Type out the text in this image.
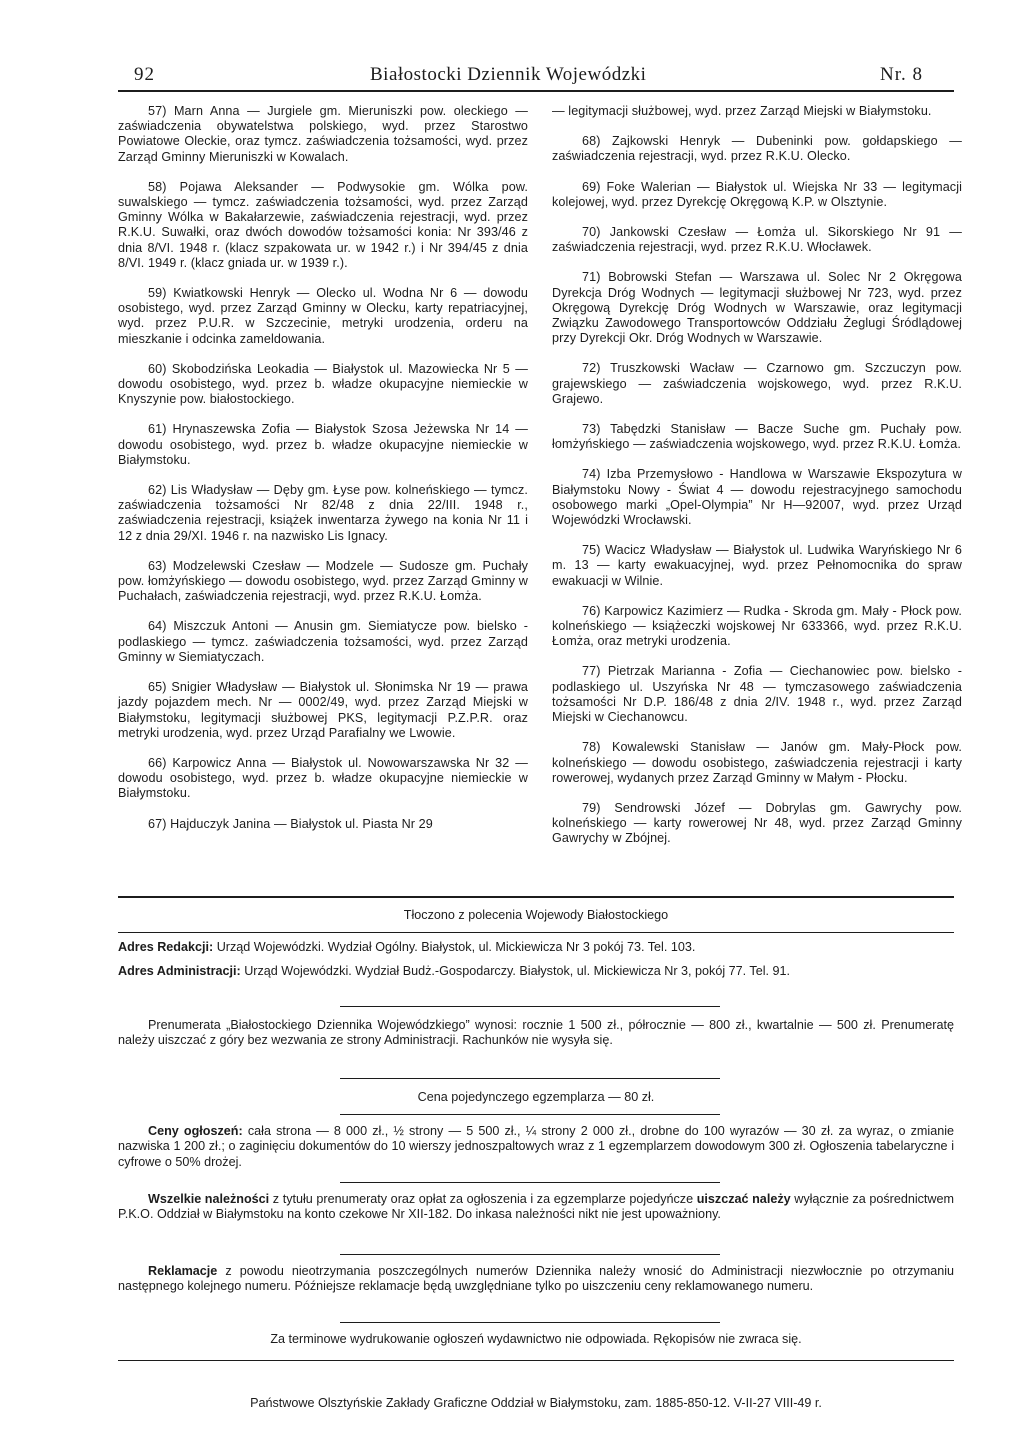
92	Białostocki Dziennik Wojewódzki	Nr. 8

57) Marn Anna — Jurgiele gm. Mieruniszki pow. oleckiego — zaświadczenia obywatelstwa polskiego, wyd. przez Starostwo Powiatowe Oleckie, oraz tymcz. zaświadczenia tożsamości, wyd. przez Zarząd Gminny Mieruniszki w Kowalach.

58) Pojawa Aleksander — Podwysokie gm. Wólka pow. suwalskiego — tymcz. zaświadczenia tożsamości, wyd. przez Zarząd Gminny Wólka w Bakałarzewie, zaświadczenia rejestracji, wyd. przez R.K.U. Suwałki, oraz dwóch dowodów tożsamości konia: Nr 393/46 z dnia 8/VI. 1948 r. (klacz szpakowata ur. w 1942 r.) i Nr 394/45 z dnia 8/VI. 1949 r. (klacz gniada ur. w 1939 r.).

59) Kwiatkowski Henryk — Olecko ul. Wodna Nr 6 — dowodu osobistego, wyd. przez Zarząd Gminny w Olecku, karty repatriacyjnej, wyd. przez P.U.R. w Szczecinie, metryki urodzenia, orderu na mieszkanie i odcinka zameldowania.

60) Skobodzińska Leokadia — Białystok ul. Mazowiecka Nr 5 — dowodu osobistego, wyd. przez b. władze okupacyjne niemieckie w Knyszynie pow. białostockiego.

61) Hrynaszewska Zofia — Białystok Szosa Jeżewska Nr 14 — dowodu osobistego, wyd. przez b. władze okupacyjne niemieckie w Białymstoku.

62) Lis Władysław — Dęby gm. Łyse pow. kolneńskiego — tymcz. zaświadczenia tożsamości Nr 82/48 z dnia 22/III. 1948 r., zaświadczenia rejestracji, książek inwentarza żywego na konia Nr 11 i 12 z dnia 29/XI. 1946 r. na nazwisko Lis Ignacy.

63) Modzelewski Czesław — Modzele — Sudosze gm. Puchały pow. łomżyńskiego — dowodu osobistego, wyd. przez Zarząd Gminny w Puchałach, zaświadczenia rejestracji, wyd. przez R.K.U. Łomża.

64) Miszczuk Antoni — Anusin gm. Siemiatycze pow. bielsko - podlaskiego — tymcz. zaświadczenia tożsamości, wyd. przez Zarząd Gminny w Siemiatyczach.

65) Snigier Władysław — Białystok ul. Słonimska Nr 19 — prawa jazdy pojazdem mech. Nr — 0002/49, wyd. przez Zarząd Miejski w Białymstoku, legitymacji służbowej PKS, legitymacji P.Z.P.R. oraz metryki urodzenia, wyd. przez Urząd Parafialny we Lwowie.

66) Karpowicz Anna — Białystok ul. Nowowarszawska Nr 32 — dowodu osobistego, wyd. przez b. władze okupacyjne niemieckie w Białymstoku.

67) Hajduczyk Janina — Białystok ul. Piasta Nr 29

— legitymacji służbowej, wyd. przez Zarząd Miejski w Białymstoku.

68) Zajkowski Henryk — Dubeninki pow. gołdapskiego — zaświadczenia rejestracji, wyd. przez R.K.U. Olecko.

69) Foke Walerian — Białystok ul. Wiejska Nr 33 — legitymacji kolejowej, wyd. przez Dyrekcję Okręgową K.P. w Olsztynie.

70) Jankowski Czesław — Łomża ul. Sikorskiego Nr 91 — zaświadczenia rejestracji, wyd. przez R.K.U. Włocławek.

71) Bobrowski Stefan — Warszawa ul. Solec Nr 2 Okręgowa Dyrekcja Dróg Wodnych — legitymacji służbowej Nr 723, wyd. przez Okręgową Dyrekcję Dróg Wodnych w Warszawie, oraz legitymacji Związku Zawodowego Transportowców Oddziału Żeglugi Śródlądowej przy Dyrekcji Okr. Dróg Wodnych w Warszawie.

72) Truszkowski Wacław — Czarnowo gm. Szczuczyn pow. grajewskiego — zaświadczenia wojskowego, wyd. przez R.K.U. Grajewo.

73) Tabędzki Stanisław — Bacze Suche gm. Puchały pow. łomżyńskiego — zaświadczenia wojskowego, wyd. przez R.K.U. Łomża.

74) Izba Przemysłowo - Handlowa w Warszawie Ekspozytura w Białymstoku Nowy - Świat 4 — dowodu rejestracyjnego samochodu osobowego marki „Opel-Olympia” Nr H—92007, wyd. przez Urząd Wojewódzki Wrocławski.

75) Wacicz Władysław — Białystok ul. Ludwika Waryńskiego Nr 6 m. 13 — karty ewakuacyjnej, wyd. przez Pełnomocnika do spraw ewakuacji w Wilnie.

76) Karpowicz Kazimierz — Rudka - Skroda gm. Mały - Płock pow. kolneńskiego — książeczki wojskowej Nr 633366, wyd. przez R.K.U. Łomża, oraz metryki urodzenia.

77) Pietrzak Marianna - Zofia — Ciechanowiec pow. bielsko - podlaskiego ul. Uszyńska Nr 48 — tymczasowego zaświadczenia tożsamości Nr D.P. 186/48 z dnia 2/IV. 1948 r., wyd. przez Zarząd Miejski w Ciechanowcu.

78) Kowalewski Stanisław — Janów gm. Mały-Płock pow. kolneńskiego — dowodu osobistego, zaświadczenia rejestracji i karty rowerowej, wydanych przez Zarząd Gminny w Małym - Płocku.

79) Sendrowski Józef — Dobrylas gm. Gawrychy pow. kolneńskiego — karty rowerowej Nr 48, wyd. przez Zarząd Gminny Gawrychy w Zbójnej.

Tłoczono z polecenia Wojewody Białostockiego
Adres Redakcji: Urząd Wojewódzki. Wydział Ogólny. Białystok, ul. Mickiewicza Nr 3 pokój 73. Tel. 103.
Adres Administracji: Urząd Wojewódzki. Wydział Budż.-Gospodarczy. Białystok, ul. Mickiewicza Nr 3, pokój 77. Tel. 91.
Prenumerata „Białostockiego Dziennika Wojewódzkiego” wynosi: rocznie 1 500 zł., półrocznie — 800 zł., kwartalnie — 500 zł. Prenumeratę należy uiszczać z góry bez wezwania ze strony Administracji. Rachunków nie wysyła się.
Cena pojedynczego egzemplarza — 80 zł.
Ceny ogłoszeń: cała strona — 8 000 zł., ½ strony — 5 500 zł., ¼ strony 2 000 zł., drobne do 100 wyrazów — 30 zł. za wyraz, o zmianie nazwiska 1 200 zł.; o zaginięciu dokumentów do 10 wierszy jednoszpaltowych wraz z 1 egzemplarzem dowodowym 300 zł. Ogłoszenia tabelaryczne i cyfrowe o 50% drożej.
Wszelkie należności z tytułu prenumeraty oraz opłat za ogłoszenia i za egzemplarze pojedyńcze uiszczać należy wyłącznie za pośrednictwem P.K.O. Oddział w Białymstoku na konto czekowe Nr XII-182. Do inkasa należności nikt nie jest upoważniony.
Reklamacje z powodu nieotrzymania poszczególnych numerów Dziennika należy wnosić do Administracji niezwłocznie po otrzymaniu następnego kolejnego numeru. Późniejsze reklamacje będą uwzględniane tylko po uiszczeniu ceny reklamowanego numeru.
Za terminowe wydrukowanie ogłoszeń wydawnictwo nie odpowiada. Rękopisów nie zwraca się.
Państwowe Olsztyńskie Zakłady Graficzne Oddział w Białymstoku, zam. 1885-850-12. V-II-27 VIII-49 r.
